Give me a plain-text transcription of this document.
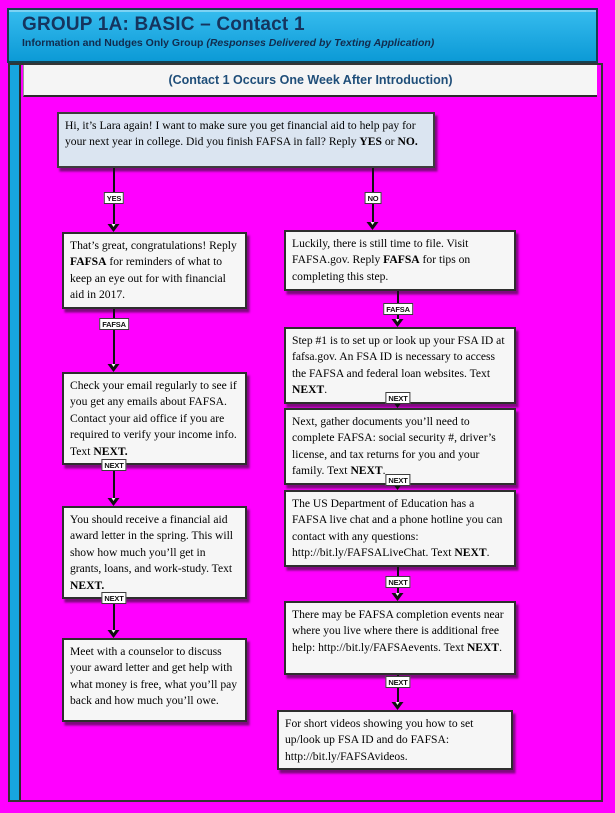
GROUP 1A: BASIC – Contact 1
Information and Nudges Only Group (Responses Delivered by Texting Application)
(Contact 1 Occurs One Week After Introduction)
YES	NO
FAFSA
NEXT
NEXT
FAFSA
NEXT
NEXT
NEXT
NEXT
Hi, it’s Lara again! I want to make sure you get financial aid to help pay for your next year in college. Did you finish FAFSA in fall? Reply YES or NO.
That’s great, congratulations! Reply FAFSA for reminders of what to keep an eye out for with financial aid in 2017.
Check your email regularly to see if you get any emails about FAFSA. Contact your aid office if you are required to verify your income info. Text NEXT.
You should receive a financial aid award letter in the spring. This will show how much you’ll get in grants, loans, and work-study. Text NEXT.
Meet with a counselor to discuss your award letter and get help with what money is free, what you’ll pay back and how much you’ll owe.
Luckily, there is still time to file. Visit FAFSA.gov. Reply FAFSA for tips on completing this step.
Step #1 is to set up or look up your FSA ID at fafsa.gov. An FSA ID is necessary to access the FAFSA and federal loan websites. Text NEXT.
Next, gather documents you’ll need to complete FAFSA: social security #, driver’s license, and tax returns for you and your family. Text NEXT.
The US Department of Education has a FAFSA live chat and a phone hotline you can contact with any questions: http://bit.ly/FAFSALiveChat. Text NEXT.
There may be FAFSA completion events near where you live where there is additional free help: http://bit.ly/FAFSAevents. Text NEXT.
For short videos showing you how to set up/look up FSA ID and do FAFSA: http://bit.ly/FAFSAvideos.
